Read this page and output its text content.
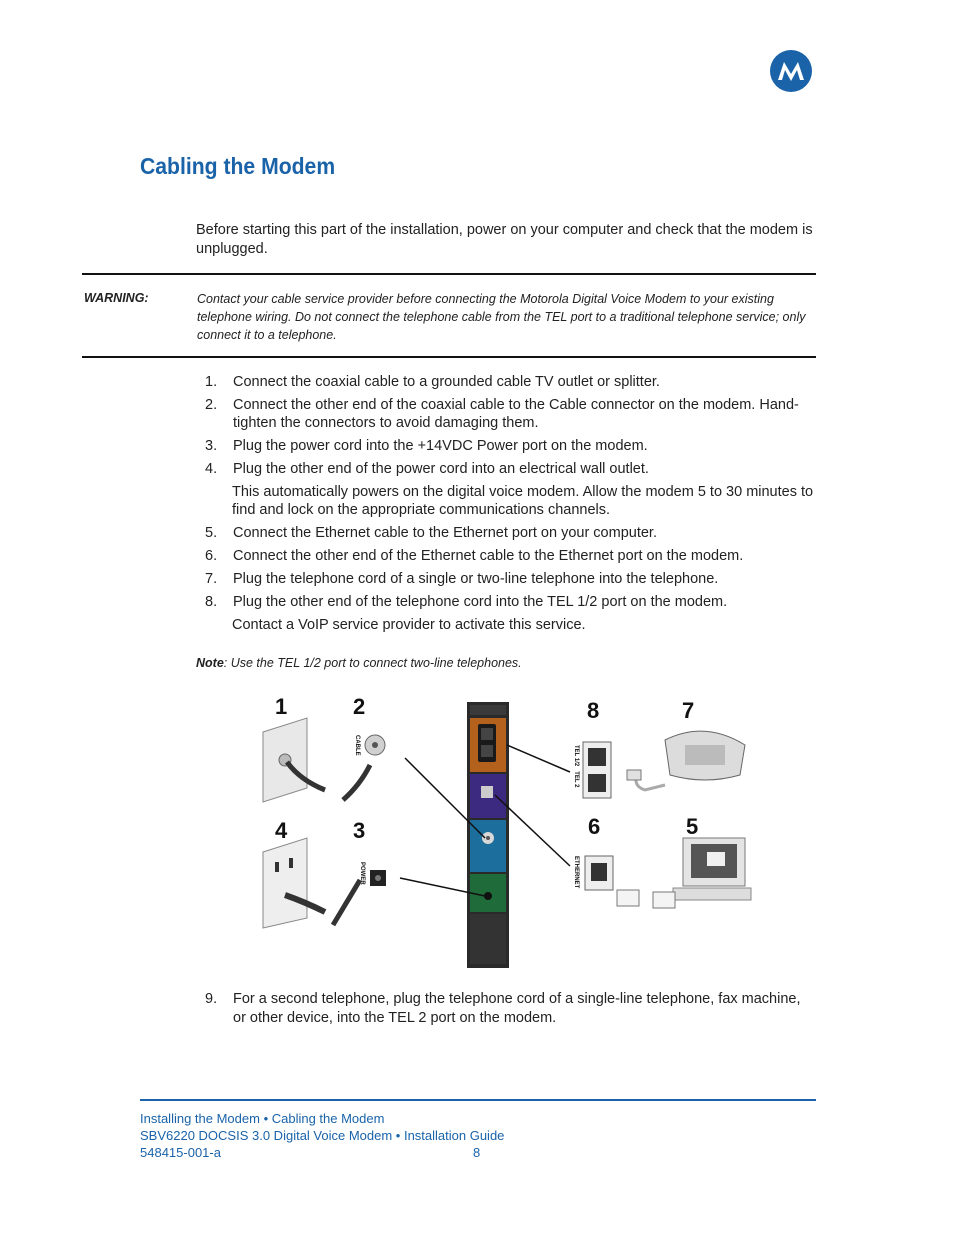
Cabling the Modem
Before starting this part of the installation, power on your computer and check that the modem is unplugged.
WARNING:	Contact your cable service provider before connecting the Motorola Digital Voice Modem to your existing telephone wiring. Do not connect the telephone cable from the TEL port to a traditional telephone service; only connect it to a telephone.
1. Connect the coaxial cable to a grounded cable TV outlet or splitter.
2. Connect the other end of the coaxial cable to the Cable connector on the modem. Hand-tighten the connectors to avoid damaging them.
3. Plug the power cord into the +14VDC Power port on the modem.
4. Plug the other end of the power cord into an electrical wall outlet.
This automatically powers on the digital voice modem. Allow the modem 5 to 30 minutes to find and lock on the appropriate communications channels.
5. Connect the Ethernet cable to the Ethernet port on your computer.
6. Connect the other end of the Ethernet cable to the Ethernet port on the modem.
7. Plug the telephone cord of a single or two-line telephone into the telephone.
8. Plug the other end of the telephone cord into the TEL 1/2 port on the modem.
Contact a VoIP service provider to activate this service.
Note: Use the TEL 1/2 port to connect two-line telephones.
1	2
3
4	5
6
7
8
CABLE
POWER
TEL 1/2   TEL 2
ETHERNET
9. For a second telephone, plug the telephone cord of a single-line telephone, fax machine, or other device, into the TEL 2 port on the modem.
Installing the Modem • Cabling the Modem
SBV6220 DOCSIS 3.0 Digital Voice Modem • Installation Guide
548415-001-a	8
